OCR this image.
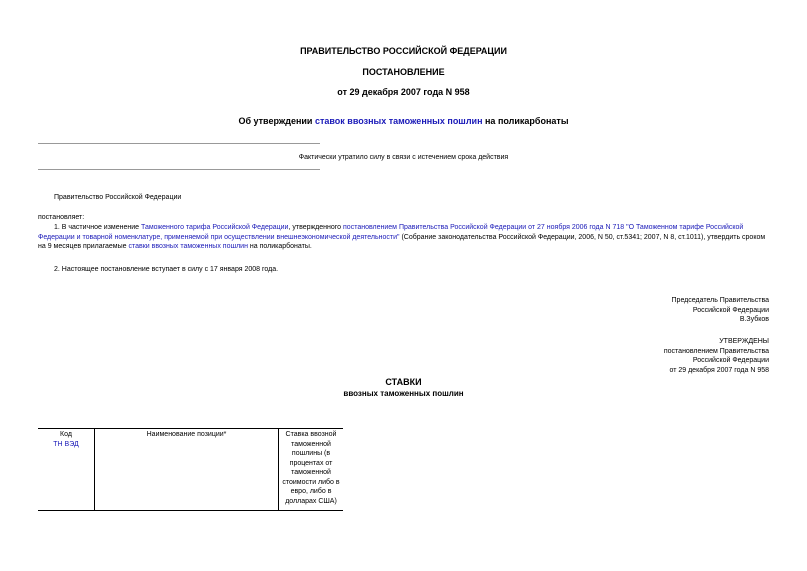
ПРАВИТЕЛЬСТВО РОССИЙСКОЙ ФЕДЕРАЦИИ
ПОСТАНОВЛЕНИЕ
от 29 декабря 2007 года N 958
Об утверждении ставок ввозных таможенных пошлин на поликарбонаты
Фактически утратило силу в связи с истечением срока действия
Правительство Российской Федерации
постановляет:
1. В частичное изменение Таможенного тарифа Российской Федерации, утвержденного постановлением Правительства Российской Федерации от 27 ноября 2006 года N 718 "О Таможенном тарифе Российской Федерации и товарной номенклатуре, применяемой при осуществлении внешнеэкономической деятельности" (Собрание законодательства Российской Федерации, 2006, N 50, ст.5341; 2007, N 8, ст.1011), утвердить сроком на 9 месяцев прилагаемые ставки ввозных таможенных пошлин на поликарбонаты.
2. Настоящее постановление вступает в силу с 17 января 2008 года.
Председатель Правительства
Российской Федерации
В.Зубков
УТВЕРЖДЕНЫ
постановлением Правительства
Российской Федерации
от 29 декабря 2007 года N 958
СТАВКИ
ввозных таможенных пошлин
Код
ТН ВЭД
	Наименование позиции*	Ставка ввозной таможенной пошлины (в процентах от таможенной стоимости либо в евро, либо в долларах США)
